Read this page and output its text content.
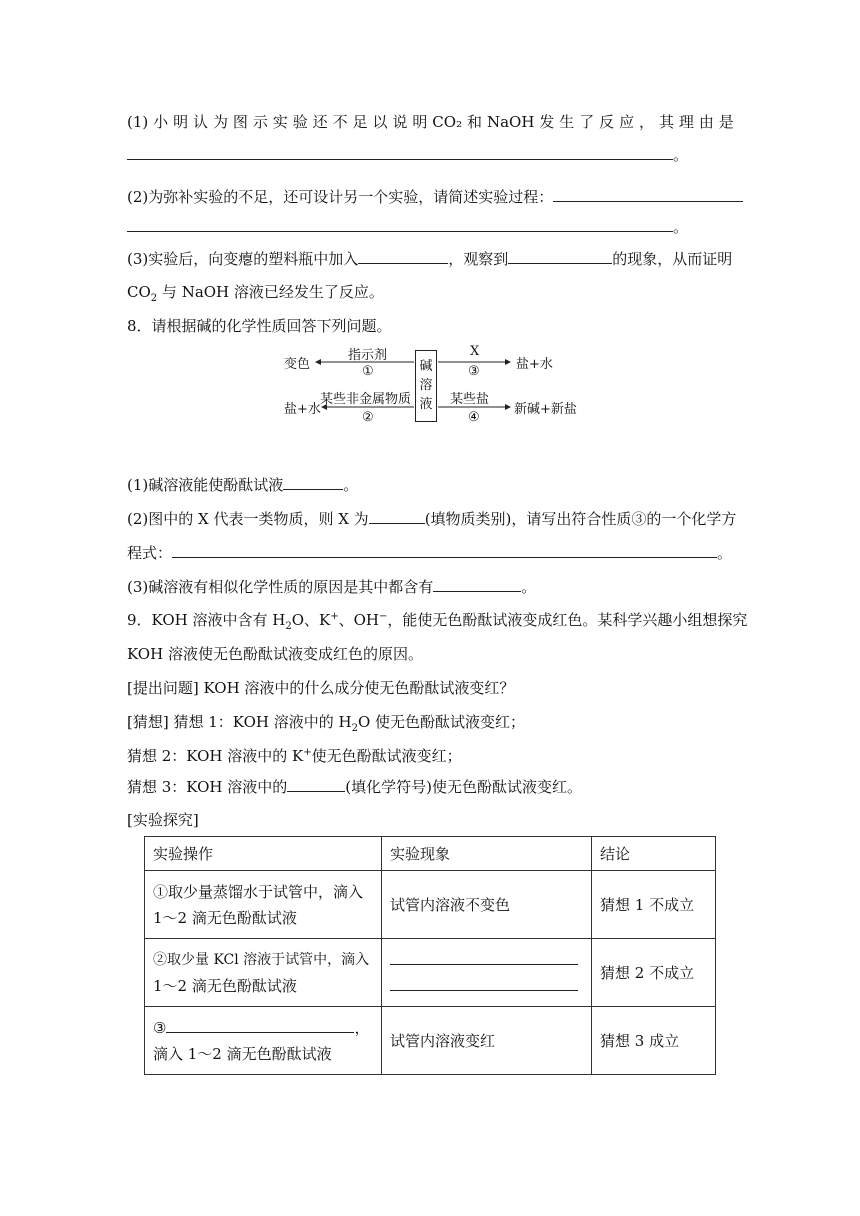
(1) 小 明 认 为 图 示 实 验 还 不 足 以 说 明 CO₂ 和 NaOH 发 生 了 反 应 ， 其 理 由 是
。
(2)为弥补实验的不足，还可设计另一个实验，请简述实验过程：
。
(3)实验后，向变瘪的塑料瓶中加入	，观察到	的现象，从而证明
$CO_2$ 与 NaOH 溶液已经发生了反应。
8．请根据碱的化学性质回答下列问题。
碱
溶
液
变色
指示剂
①
盐+水
某些非金属物质
②
X
③	盐+水
某些盐
④
新碱+新盐
(1)碱溶液能使酚酞试液	。
(2)图中的 X 代表一类物质，则 X 为	(填物质类别)，请写出符合性质③的一个化学方
程式：	。
(3)碱溶液有相似化学性质的原因是其中都含有	。
9．KOH 溶液中含有 $H_2O$、K+、OH−，能使无色酚酞试液变成红色。某科学兴趣小组想探究
KOH 溶液使无色酚酞试液变成红色的原因。
[提出问题] KOH 溶液中的什么成分使无色酚酞试液变红？
[猜想] 猜想 1：KOH 溶液中的 $H_2O$ 使无色酚酞试液变红；
猜想 2：KOH 溶液中的 K+使无色酚酞试液变红；
猜想 3：KOH 溶液中的	(填化学符号)使无色酚酞试液变红。
[实验探究]
实验操作	实验现象	结论

①取少量蒸馏水于试管中，滴入
1～2 滴无色酚酞试液	试管内溶液不变色	猜想 1 不成立

②取少量 KCl 溶液于试管中，滴入
1～2 滴无色酚酞试液		猜想 2 不成立

③ ，
滴入 1～2 滴无色酚酞试液	试管内溶液变红	猜想 3 成立
